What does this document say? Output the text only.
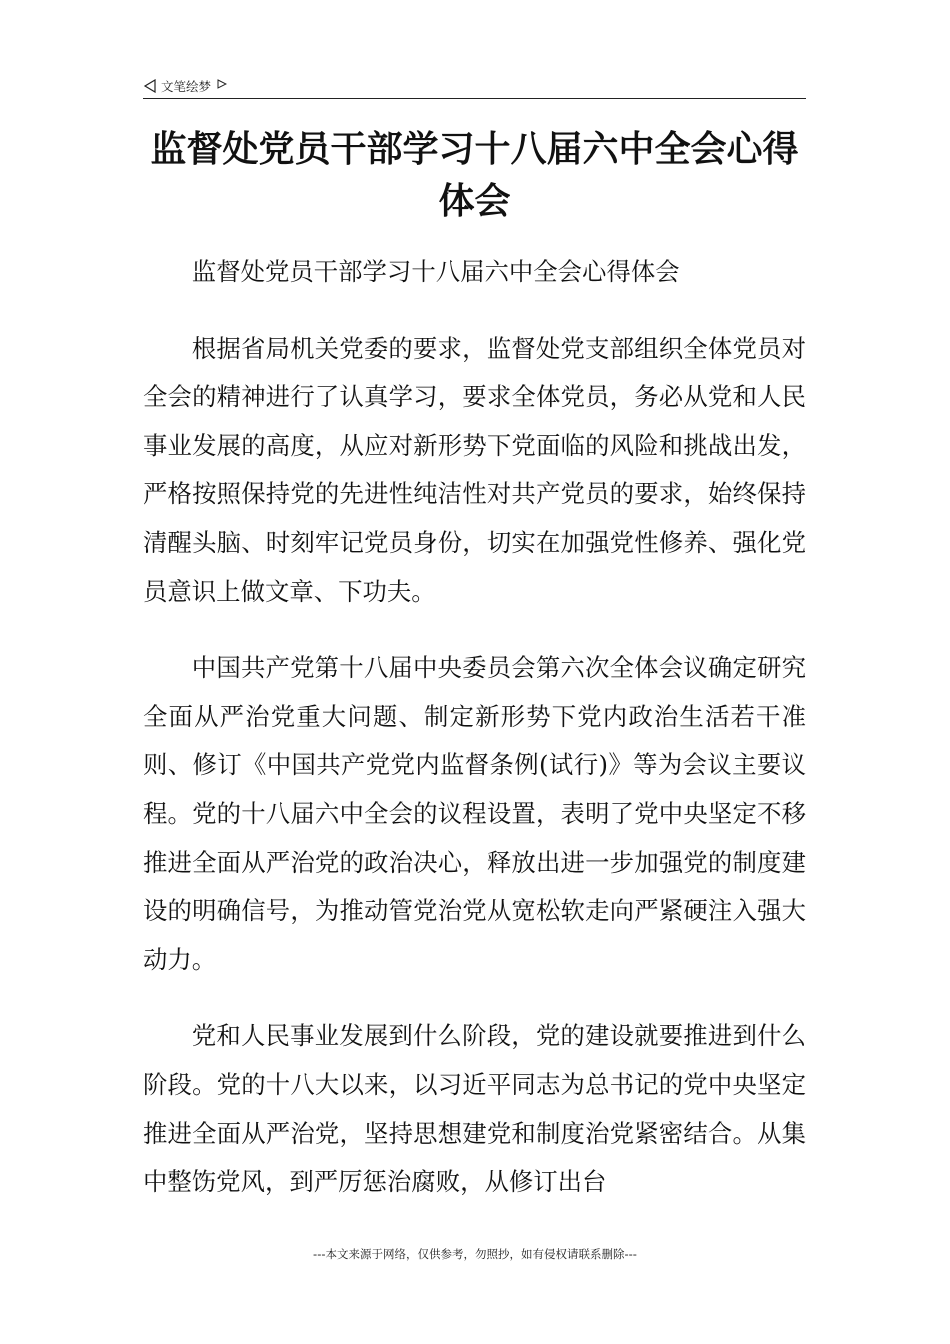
文笔绘梦
监督处党员干部学习十八届六中全会心得体会

监督处党员干部学习十八届六中全会心得体会

根据省局机关党委的要求，监督处党支部组织全体党员对全会的精神进行了认真学习，要求全体党员，务必从党和人民事业发展的高度，从应对新形势下党面临的风险和挑战出发，严格按照保持党的先进性纯洁性对共产党员的要求，始终保持清醒头脑、时刻牢记党员身份，切实在加强党性修养、强化党员意识上做文章、下功夫。

中国共产党第十八届中央委员会第六次全体会议确定研究全面从严治党重大问题、制定新形势下党内政治生活若干准则、修订《中国共产党党内监督条例(试行)》等为会议主要议程。党的十八届六中全会的议程设置，表明了党中央坚定不移推进全面从严治党的政治决心，释放出进一步加强党的制度建设的明确信号，为推动管党治党从宽松软走向严紧硬注入强大动力。

党和人民事业发展到什么阶段，党的建设就要推进到什么阶段。党的十八大以来，以习近平同志为总书记的党中央坚定推进全面从严治党，坚持思想建党和制度治党紧密结合。从集中整饬党风，到严厉惩治腐败，从修订出台

---本文来源于网络，仅供参考，勿照抄，如有侵权请联系删除---
